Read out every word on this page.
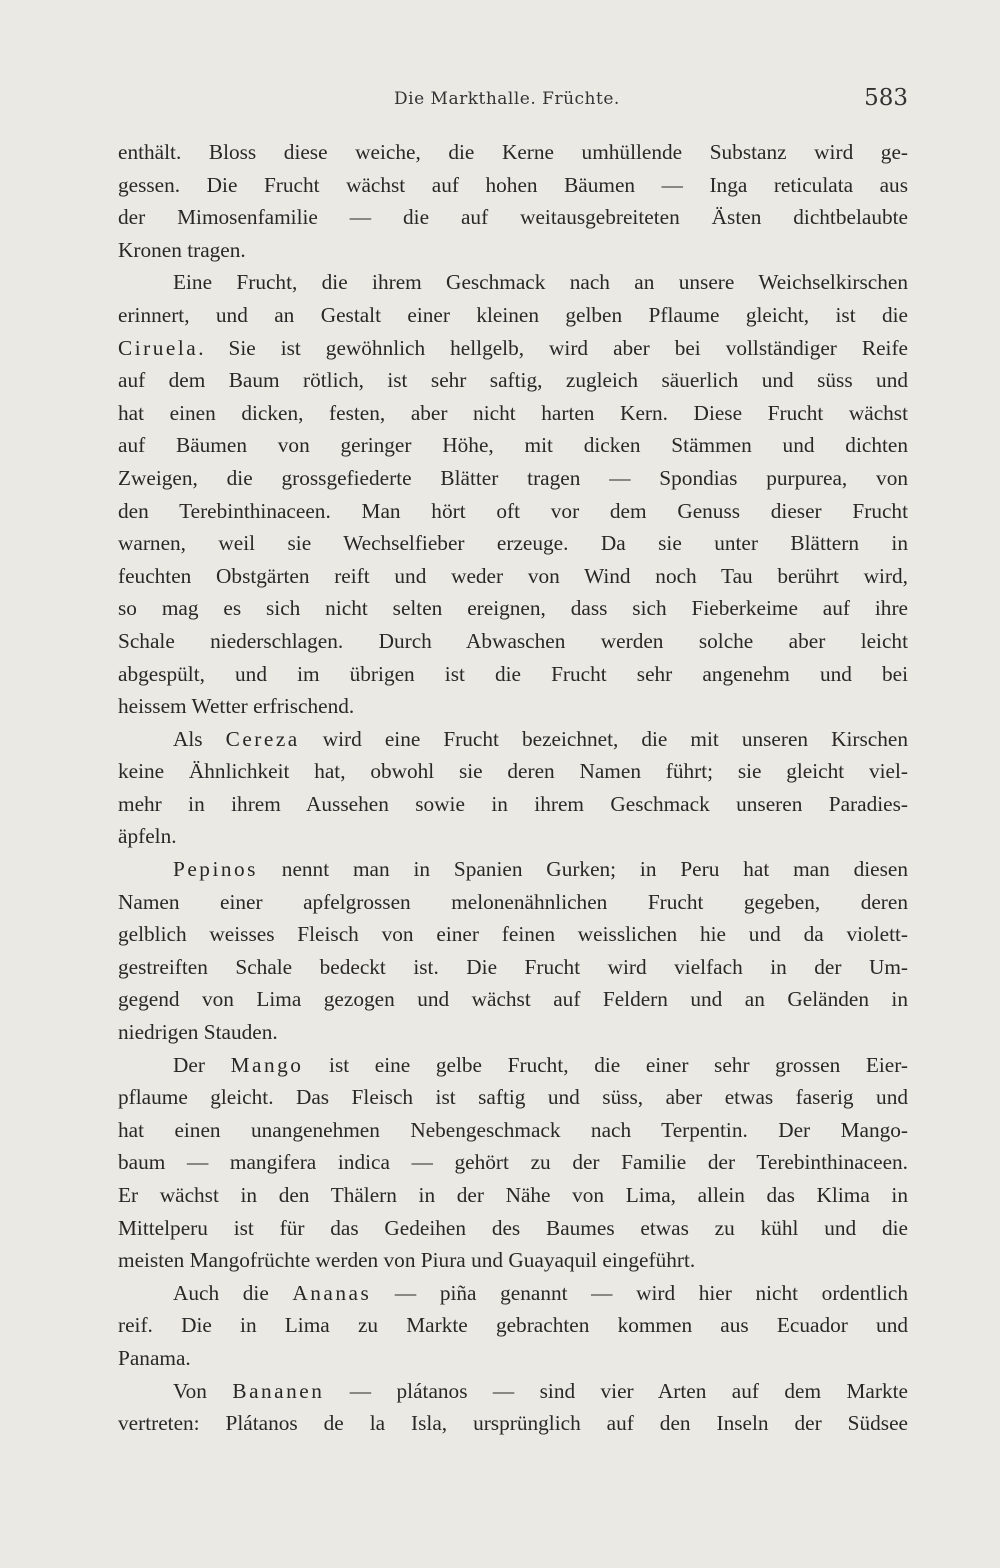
Die Markthalle. Früchte.	583
enthält. Bloss diese weiche, die Kerne umhüllende Substanz wird ge-
gessen. Die Frucht wächst auf hohen Bäumen — Inga reticulata aus
der Mimosenfamilie — die auf weitausgebreiteten Ästen dichtbelaubte
Kronen tragen.
Eine Frucht, die ihrem Geschmack nach an unsere Weichselkirschen
erinnert, und an Gestalt einer kleinen gelben Pflaume gleicht, ist die
Ciruela. Sie ist gewöhnlich hellgelb, wird aber bei vollständiger Reife
auf dem Baum rötlich, ist sehr saftig, zugleich säuerlich und süss und
hat einen dicken, festen, aber nicht harten Kern. Diese Frucht wächst
auf Bäumen von geringer Höhe, mit dicken Stämmen und dichten
Zweigen, die grossgefiederte Blätter tragen — Spondias purpurea, von
den Terebinthinaceen. Man hört oft vor dem Genuss dieser Frucht
warnen, weil sie Wechselfieber erzeuge. Da sie unter Blättern in
feuchten Obstgärten reift und weder von Wind noch Tau berührt wird,
so mag es sich nicht selten ereignen, dass sich Fieberkeime auf ihre
Schale niederschlagen. Durch Abwaschen werden solche aber leicht
abgespült, und im übrigen ist die Frucht sehr angenehm und bei
heissem Wetter erfrischend.
Als Cereza wird eine Frucht bezeichnet, die mit unseren Kirschen
keine Ähnlichkeit hat, obwohl sie deren Namen führt; sie gleicht viel-
mehr in ihrem Aussehen sowie in ihrem Geschmack unseren Paradies-
äpfeln.
Pepinos nennt man in Spanien Gurken; in Peru hat man diesen
Namen einer apfelgrossen melonenähnlichen Frucht gegeben, deren
gelblich weisses Fleisch von einer feinen weisslichen hie und da violett-
gestreiften Schale bedeckt ist. Die Frucht wird vielfach in der Um-
gegend von Lima gezogen und wächst auf Feldern und an Geländen in
niedrigen Stauden.
Der Mango ist eine gelbe Frucht, die einer sehr grossen Eier-
pflaume gleicht. Das Fleisch ist saftig und süss, aber etwas faserig und
hat einen unangenehmen Nebengeschmack nach Terpentin. Der Mango-
baum — mangifera indica — gehört zu der Familie der Terebinthinaceen.
Er wächst in den Thälern in der Nähe von Lima, allein das Klima in
Mittelperu ist für das Gedeihen des Baumes etwas zu kühl und die
meisten Mangofrüchte werden von Piura und Guayaquil eingeführt.
Auch die Ananas — piña genannt — wird hier nicht ordentlich
reif. Die in Lima zu Markte gebrachten kommen aus Ecuador und
Panama.
Von Bananen — plátanos — sind vier Arten auf dem Markte
vertreten: Plátanos de la Isla, ursprünglich auf den Inseln der Südsee
